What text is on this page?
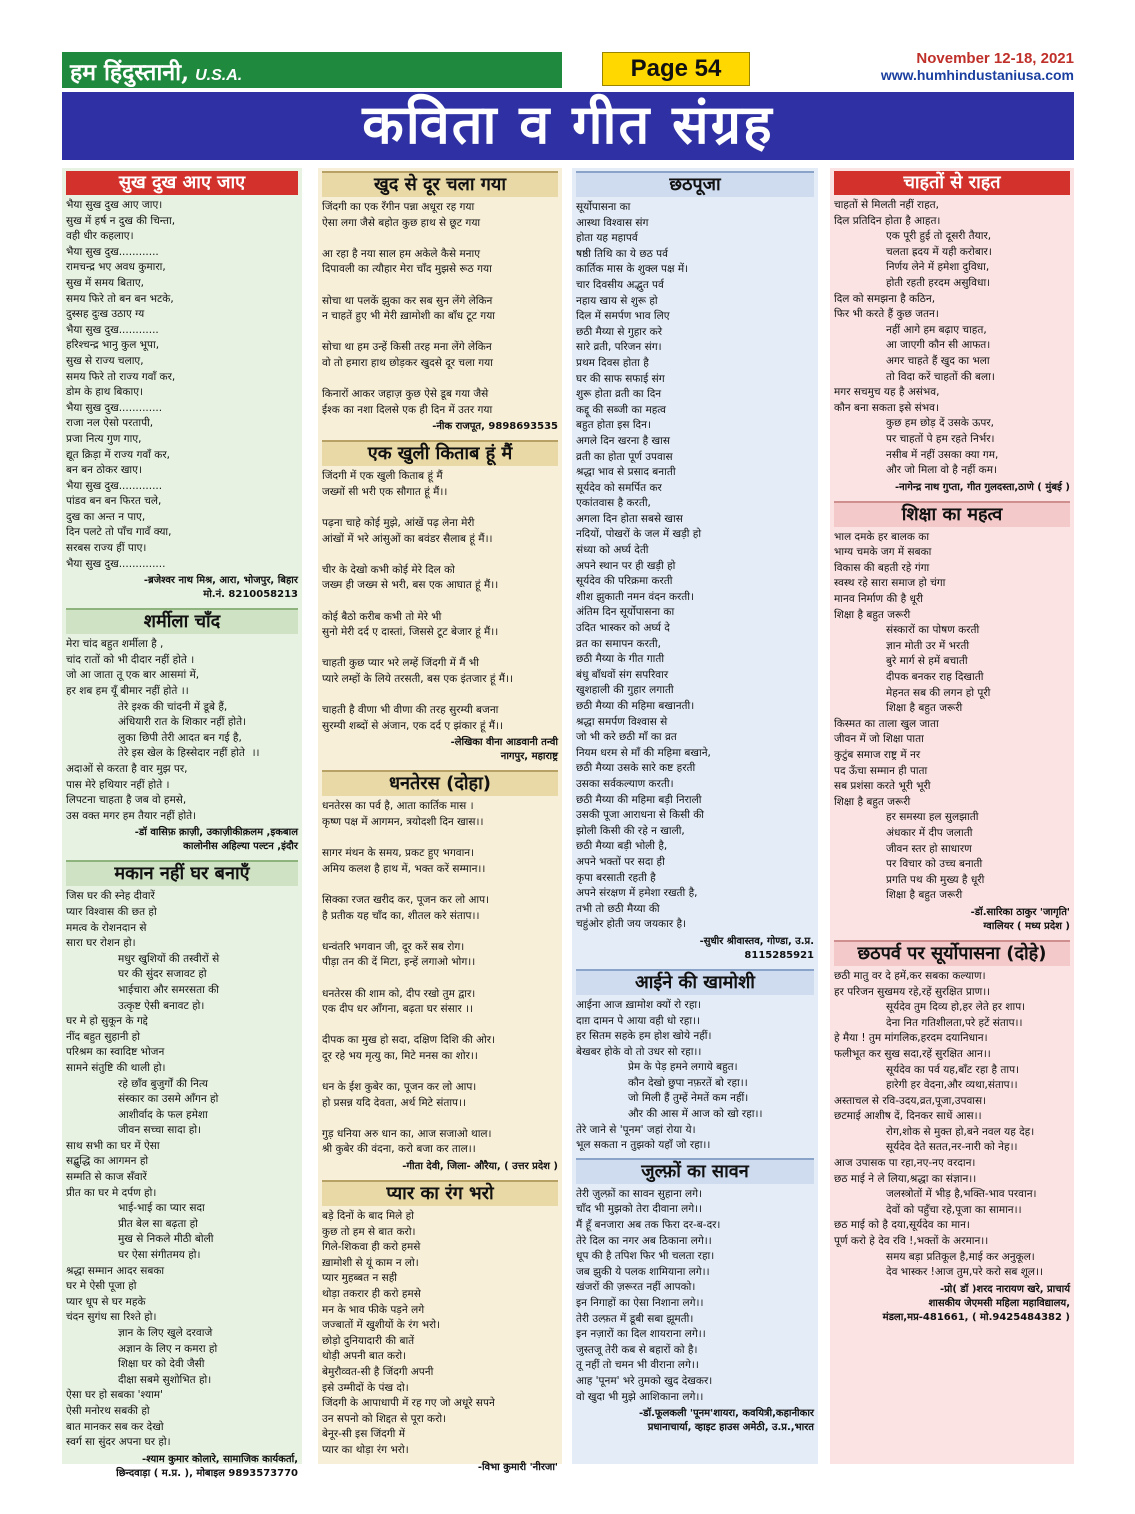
हम हिंदुस्तानी, U.S.A.	Page 54	November 12-18, 2021
www.humhindustaniusa.com
कविता व गीत संग्रह
सुख दुख आए जाए

भैया सुख दुख आए जाए।
सुख में हर्ष न दुख की चिन्ता,
वही धीर कहलाए।
भैया सुख दुख............
रामचन्द्र भए अवध कुमारा,
सुख में समय बिताए,
समय फिरे तो बन बन भटके,
दुस्सह दुःख उठाए ग्य
भैया सुख दुख............
हरिश्चन्द्र भानु कुल भूपा,
सुख से राज्य चलाए,
समय फिरे तो राज्य गवाँ कर,
डोम के हाथ बिकाए।
भैया सुख दुख.............
राजा नल ऐसो परतापी,
प्रजा नित्य गुण गाए,
द्यूत क्रिड़ा में राज्य गवाँ कर,
बन बन ठोकर खाए।
भैया सुख दुख.............
पांडव बन बन फिरत चले,
दुख का अन्त न पाए,
दिन पलटे तो पाँच गावँ क्या,
सरबस राज्य हीं पाए।
भैया सुख दुख..............

-ब्रजेश्वर नाथ मिश्र, आरा, भोजपुर, बिहार
मो.नं. 8210058213

शर्मीला चाँद

मेरा चांद बहुत शर्मीला है ,
चांद रातों को भी दीदार नहीं होते ।
जो आ जाता तू एक बार आसमां में,
हर शब हम यूँ बीमार नहीं होते ।।

तेरे इश्क की चांदनी में डूबे हैं,
अंधियारी रात के शिकार नहीं होते।
लुका छिपी तेरी आदत बन गई है,
तेरे इस खेल के हिस्सेदार नहीं होते  ।।

अदाओं से करता है वार मुझ पर,
पास मेरे हथियार नहीं होते ।
लिपटना चाहता है जब वो हमसे,
उस वक्त मगर हम तैयार नहीं होते।

-डॉ वासिफ़ क़ाज़ी, उकाज़ीकीक़लम ,इकबाल
कालोनीस अहिल्या पल्टन ,इंदौर

मकान नहीं घर बनाएँ

जिस घर की स्नेह दीवारें
प्यार विश्वास की छत हो
ममत्व के रोशनदान से
सारा घर रोशन हो।

मधुर खुशियों की तस्वीरों से
घर की सुंदर सजावट हो
भाईचारा और समरसता की
उत्कृष्ट ऐसी बनावट हो।

घर मे हो सुकून के गद्दे
नींद बहुत सुहानी हो
परिश्रम का स्वादिष्ट भोजन
सामने संतुष्टि की थाली हो।

रहे छाँव बुजुर्गों की नित्य
संस्कार का उसमे आँगन हो
आशीर्वाद के फल हमेशा
जीवन सच्चा सादा हो।

साथ सभी का घर में ऐसा
सद्बुद्धि का आगमन हो
सम्मति से काज सँवारें
प्रीत का घर मे दर्पण हो।

भाई-भाई का प्यार सदा
प्रीत बेल सा बढ़ता हो
मुख से निकले मीठी बोली
घर ऐसा संगीतमय हो।

श्रद्धा सम्मान आदर सबका
घर मे ऐसी पूजा हो
प्यार धूप से घर महके
चंदन सुगंध सा रिश्ते हो।

ज्ञान के लिए खुले दरवाजे
अज्ञान के लिए न कमरा हो
शिक्षा घर को देवी जैसी
दीक्षा सबमे सुशोभित हो।

ऐसा घर हो सबका 'श्याम'
ऐसी मनोरथ सबकी हो
बात मानकर सब कर देखो
स्वर्ग सा सुंदर अपना घर हो।

-श्याम कुमार कोलारे, सामाजिक कार्यकर्ता,
छिन्दवाड़ा ( म.प्र. ), मोबाइल 9893573770

खुद से दूर चला गया

जिंदगी का एक रँगीन पन्ना अधूरा रह गया
ऐसा लगा जैसे बहोत कुछ हाथ से छूट गया

आ रहा है नया साल हम अकेले कैसे मनाए
दिपावली का त्यौहार मेरा चाँद मुझसे रूठ गया

सोचा था पलकें झुका कर सब सुन लेंगे लेकिन
न चाहतें हुए भी मेरी ख़ामोशी का बाँध टूट गया

सोचा था हम उन्हें किसी तरह मना लेंगे लेकिन
वो तो हमारा हाथ छोड़कर खुदसे दूर चला गया

किनारों आकर जहाज़ कुछ ऐसे डूब गया जैसे
ईश्क का नशा दिलसे एक ही दिन में उतर गया

-नीक राजपूत, 9898693535

एक खुली किताब हूं मैं

जिंदगी में एक खुली किताब हूं मैं
जख्मों सी भरी एक सौगात हूं मैं।।

पढ़ना चाहे कोई मुझे, आंखें पढ़ लेना मेरी
आंखों में भरे आंसुओं का बवंडर सैलाब हूं मैं।।

चीर के देखो कभी कोई मेरे दिल को
जख्म ही जख्म से भरी, बस एक आघात हूं मैं।।

कोई बैठो करीब कभी तो मेरे भी
सुनो मेरी दर्द ए दास्तां, जिससे टूट बेजार हूं मैं।।

चाहती कुछ प्यार भरे लम्हें जिंदगी में मैं भी
प्यारे लम्हों के लिये तरसती, बस एक इंतजार हूं मैं।।

चाहती है वीणा भी वीणा की तरह सुरम्यी बजना
सुरम्यी शब्दों से अंजान, एक दर्द ए झंकार हूं मैं।।

-लेखिका वीना आडवानी तन्वी
नागपुर, महाराष्ट्र

धनतेरस (दोहा)

धनतेरस का पर्व है, आता कार्तिक मास ।
कृष्ण पक्ष में आगमन, त्रयोदशी दिन खास।।

सागर मंथन के समय, प्रकट हुए भगवान।
अमिय कलश है हाथ में, भक्त करें सम्मान।।

सिक्का रजत खरीद कर, पूजन कर लो आप।
है प्रतीक यह चाँद का, शीतल करे संताप।।

धन्वंतरि भगवान जी, दूर करें सब रोग।
पीड़ा तन की दें मिटा, इन्हें लगाओ भोग।।

धनतेरस की शाम को, दीप रखो तुम द्वार।
एक दीप धर आँगना, बढ़ता घर संसार ।।

दीपक का मुख हो सदा, दक्षिण दिशि की ओर।
दूर रहे भय मृत्यु का, मिटे मनस का शोर।।

धन के ईश कुबेर का, पूजन कर लो आप।
हो प्रसन्न यदि देवता, अर्थ मिटे संताप।।

गुड़ धनिया अरु धान का, आज सजाओ थाल।
श्री कुबेर की वंदना, करो बजा कर ताल।।

-गीता देवी, जिला- औरैया, ( उत्तर प्रदेश )

प्यार का रंग भरो

बड़े दिनों के बाद मिले हो
कुछ तो हम से बात करो।
गिले-शिकवा ही करो हमसे
ख़ामोशी से यूं काम न लो।
प्यार मुहब्बत न सही
थोड़ा तकरार ही करो हमसे
मन के भाव फीके पड़ने लगे
जज्बातों में खुशीयों के रंग भरो।
छोड़ो दुनियादारी की बातें
थोड़ी अपनी बात करो।
बेमुरौव्वत-सी है जिंदगी अपनी
इसे उम्मीदों के पंख दो।
जिंदगी के आपाधापी में रह गए जो अधूरे सपने
उन सपनो को शिद्दत से पूरा करो।
बेनूर-सी इस जिंदगी में
प्यार का थोड़ा रंग भरो।

-विभा कुमारी 'नीरजा'

छठपूजा

सूर्योपासना का
आस्था विश्वास संग
होता यह महापर्व
षष्ठी तिथि का ये छठ पर्व
कार्तिक मास के शुक्ल पक्ष में।
चार दिवसीय अद्भुत पर्व
नहाय खाय से शुरू हो
दिल में समर्पण भाव लिए
छठी मैय्या से गुहार करे
सारे व्रती, परिजन संग।
प्रथम दिवस होता है
घर की साफ सफाई संग
शुरू होता व्रती का दिन
कद्दू की सब्जी का महत्व
बहुत होता इस दिन।
अगले दिन खरना है खास
व्रती का होता पूर्ण उपवास
श्रद्धा भाव से प्रसाद बनाती
सूर्यदेव को समर्पित कर
एकांतवास है करती,
अगला दिन होता सबसे खास
नदियों, पोखरों के जल में खड़ी हो
संध्या को अर्घ्य देती
अपने स्थान पर ही खड़ी हो
सूर्यदेव की परिक्रमा करती
शीश झुकाती नमन वंदन करती।
अंतिम दिन सूर्योपासना का
उदित भास्कर को अर्घ्य दे
व्रत का समापन करती,
छठी मैय्या के गीत गाती
बंधु बाँधवों संग सपरिवार
खुशहाली की गुहार लगाती
छठी मैय्या की महिमा बखानती।
श्रद्धा समर्पण विश्वास से
जो भी करे छठी माँ का व्रत
नियम धरम से माँ की महिमा बखाने,
छठी मैय्या उसके सारे कष्ट हरती
उसका सर्वकल्याण करती।
छठी मैय्या की महिमा बड़ी निराली
उसकी पूजा आराधना से किसी की
झोली किसी की रहे न खाली,
छठी मैय्या बड़ी भोली है,
अपने भक्तों पर सदा ही
कृपा बरसाती रहती है
अपने संरक्षण में हमेशा रखती है,
तभी तो छठी मैय्या की
चहुंओर होती जय जयकार है।

-सुधीर श्रीवास्तव, गोण्डा, उ.प्र.
8115285921

आईने की खामोशी

आईना आज ख़ामोश क्यों रो रहा।
दाग़ दामन पे आया वही धो रहा।।
हर सितम सहके हम होश खोये नहीं।
बेखबर होके वो तो उधर सो रहा।।

प्रेम के पेड़ हमने लगाये बहुत।
कौन देखो छुपा नफ़रतें बो रहा।।
जो मिली हैं तुम्हें नेमतें कम नहीं।
और की आस में आज को खो रहा।।

तेरे जाने से 'पूनम' जहां रोया ये।
भूल सकता न तुझको यहाँ जो रहा।।

जुल्फ़ों का सावन

तेरी ज़ुल्फ़ों का सावन सुहाना लगे।
चाँद भी मुझको तेरा दीवाना लगे।।
मैं हूँ बनजारा अब तक फिरा दर-ब-दर।
तेरे दिल का नगर अब ठिकाना लगे।।
धूप की है तपिश फिर भी चलता रहा।
जब झुकी ये पलक शामियाना लगे।।
खंजरों की ज़रूरत नहीं आपको।
इन निगाहों का ऐसा निशाना लगे।।
तेरी उल्फ़त में डूबी सबा झूमती।
इन नज़ारों का दिल शायराना लगे।।
जुस्तजू तेरी कब से बहारों को है।
तू नहीं तो चमन भी वीराना लगे।।
आह 'पूनम' भरे तुमको खुद देखकर।
वो खुदा भी मुझे आशिकाना लगे।।

-डॉ.फूलकली 'पूनम'शायरा, कवयित्री,कहानीकार
प्रधानाचार्या, व्हाइट हाउस अमेठी, उ.प्र.,भारत

चाहतों से राहत

चाहतों से मिलती नहीं राहत,
दिल प्रतिदिन होता है आहत।

एक पूरी हुई तो दूसरी तैयार,
चलता ह्रदय में यही करोबार।
निर्णय लेने में हमेशा दुविधा,
होती रहती हरदम असुविधा।

दिल को समझना है कठिन,
फिर भी करते हैं कुछ जतन।

नहीं आगे हम बढ़ाए चाहत,
आ जाएगी कौन सी आफत।
अगर चाहते हैं खुद का भला
तो विदा करें चाहतों की बला।

मगर सचमुच यह है असंभव,
कौन बना सकता इसे संभव।

कुछ हम छोड़ दें उसके ऊपर,
पर चाहतों पे हम रहते निर्भर।
नसीब में नहीं उसका क्या गम,
और जो मिला वो है नहीं कम।

-नागेन्द्र नाथ गुप्ता, गीत गुलदस्ता,ठाणे ( मुंबई )

शिक्षा का महत्व

भाल दमके हर बालक का
भाग्य चमके जग में सबका
विकास की बहती रहे गंगा
स्वस्थ रहे सारा समाज हो चंगा
मानव निर्माण की है धूरी
शिक्षा है बहुत जरूरी

संस्कारों का पोषण करती
ज्ञान मोती उर में भरती
बुरे मार्ग से हमें बचाती
दीपक बनकर राह दिखाती
मेहनत सब की लगन हो पूरी
शिक्षा है बहुत जरूरी

किस्मत का ताला खुल जाता
जीवन में जो शिक्षा पाता
कुटुंब समाज राष्ट्र में नर
पद ऊँचा सम्मान ही पाता
सब प्रशंसा करते भूरी भूरी
शिक्षा है बहुत जरूरी

हर समस्या हल सुलझाती
अंधकार में दीप जलाती
जीवन स्तर हो साधारण
पर विचार को उच्च बनाती
प्रगति पथ की मुख्य है धूरी
शिक्षा है बहुत जरूरी

-डॉ.सारिका ठाकुर 'जागृति'
ग्वालियर ( मध्य प्रदेश )

छठपर्व पर सूर्योपासना (दोहे)

छठी मातु वर दे हमें,कर सबका कल्याण।
हर परिजन सुखमय रहे,रहें सुरक्षित प्राण।।

सूर्यदेव तुम दिव्य हो,हर लेते हर शाप।
देना नित गतिशीलता,परे हटें संताप।।

हे मैया ! तुम मांगलिक,हरदम दयानिधान।
फलीभूत कर सुख सदा,रहें सुरक्षित आन।।

सूर्यदेव का पर्व यह,बाँट रहा है ताप।
हारेगी हर वेदना,और व्यथा,संताप।।

अस्ताचल से रवि-उदय,व्रत,पूजा,उपवास।
छटमाई आशीष दें, दिनकर साधें आस।।

रोग,शोक से मुक्त हो,बने नवल यह देह।
सूर्यदेव देते सतत,नर-नारी को नेह।।

आज उपासक पा रहा,नए-नए वरदान।
छठ माई ने ले लिया,श्रद्धा का संज्ञान।।

जलस्त्रोतों में भीड़ है,भक्ति-भाव परवान।
देवों को पहुँचा रहे,पूजा का सामान।।

छठ माई को है दया,सूर्यदेव का मान।
पूर्ण करो हे देव रवि !,भक्तों के अरमान।।

समय बड़ा प्रतिकूल है,माई कर अनुकूल।
देव भास्कर !आज तुम,परे करो सब शूल।।

-प्रो( डॉ )शरद नारायण खरे, प्राचार्य
शासकीय जेएमसी महिला महाविद्यालय,
मंडला,मप्र-481661, ( मो.9425484382 )
